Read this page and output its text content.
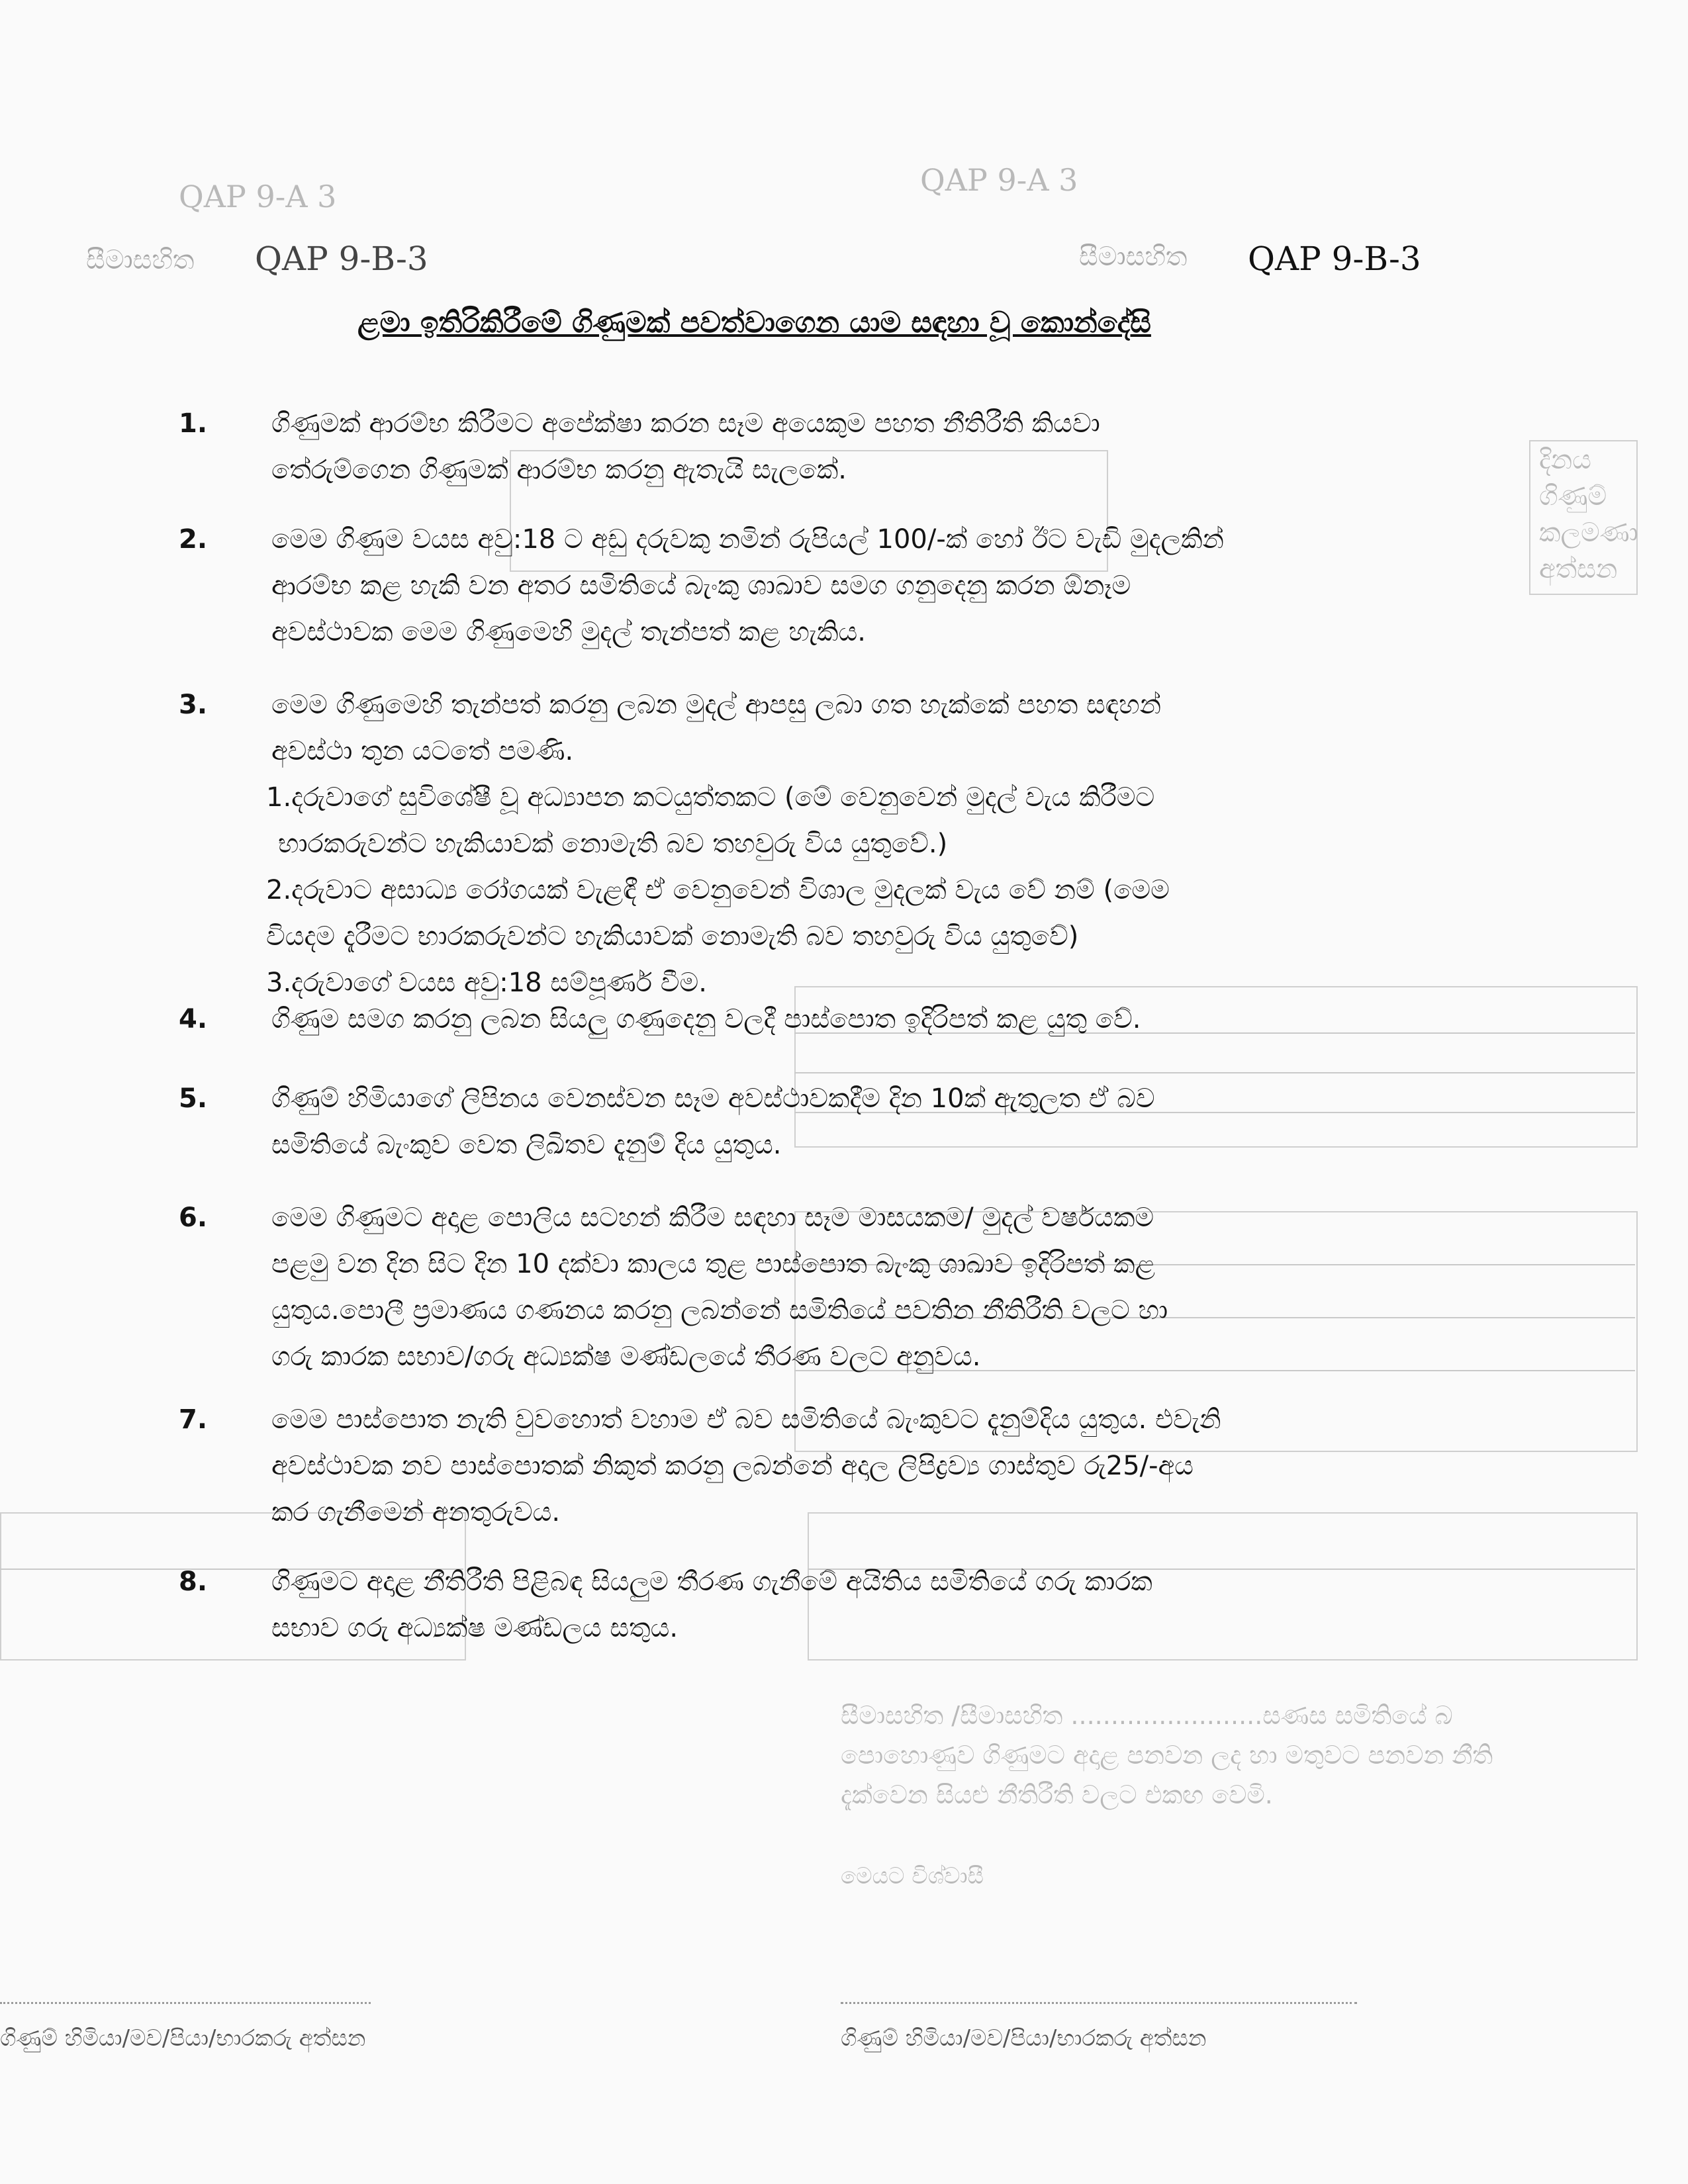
QAP 9-A 3	QAP 9-A 3
සීමාසහිත	සීමාසහිත
දිනය
ගිණුම්
කලමණා
අත්සන
සීමාසහිත /සීමාසහිත ........................සණස සමිතියේ බ
පොහොණුව ගිණුමට අදාළ පනවන ලද හා මතුවට පනවන නීති
දැක්වෙන සියළු නීතිරීති වලට එකඟ වෙමි.
මෙයට විශ්වාසී
QAP 9-B-3	QAP 9-B-3
ළමා ඉතිරිකිරීමේ ගිණුමක් පවත්වාගෙන යාම සඳහා වූ කොන්දේසි
1.	ගිණුමක් ආරම්භ කිරීමට අපේක්ෂා කරන සෑම අයෙකුම පහත නීතිරීති කියවා
තේරුම්ගෙන ගිණුමක් ආරම්භ කරනු ඇතැයි සැලකේ.
2.	මෙම ගිණුම වයස අවු:18 ට අඩු දරුවකු නමින් රුපියල් 100/-ක් හෝ ඊට වැඩි මුදලකින්
ආරම්භ කළ හැකි වන අතර සමිතියේ බැංකු ශාඛාව සමග ගනුදෙනු කරන ඕනෑම
අවස්ථාවක මෙම ගිණුමෙහි මුදල් තැන්පත් කළ හැකිය.
3.	මෙම ගිණුමෙහි තැන්පත් කරනු ලබන මුදල් ආපසු ලබා ගත හැක්කේ පහත සඳහන්
අවස්ථා තුන යටතේ පමණි.
1.දරුවාගේ සුවිශේෂී වූ අධ්‍යාපන කටයුත්තකට (මේ වෙනුවෙන් මුදල් වැය කිරීමට
භාරකරුවන්ට හැකියාවක් නොමැති බව තහවුරු විය යුතුවේ.)
2.දරුවාට අසාධ්‍ය රෝගයක් වැළඳී ඒ වෙනුවෙන් විශාල මුදලක් වැය වේ නම් (මෙම
වියදම දැරීමට භාරකරුවන්ට හැකියාවක් නොමැති බව තහවුරු විය යුතුවේ)
3.දරුවාගේ වයස අවු:18 සම්පූර්ණ වීම.
4.	ගිණුම සමග කරනු ලබන සියලු ගණුදෙනු වලදී පාස්පොත ඉදිරිපත් කළ යුතු වේ.
5.	ගිණුම් හිමියාගේ ලිපිනය වෙනස්වන සෑම අවස්ථාවකදීම දින 10ක් ඇතුලත ඒ බව
සමිතියේ බැංකුව වෙත ලිඛිතව දැනුම් දිය යුතුය.
6.	මෙම ගිණුමට අදාළ පොලිය සටහන් කිරීම සඳහා සෑම මාසයකම/ මුදල් වර්ෂයකම
පළමු වන දින සිට දින 10 දක්වා කාලය තුළ පාස්පොත බැංකු ශාඛාව ඉදිරිපත් කළ
යුතුය.පොලී ප්‍රමාණය ගණනය කරනු ලබන්නේ සමිතියේ පවතින නීතිරීති වලට හා
ගරු කාරක සභාව/ගරු අධ්‍යක්ෂ මණ්ඩලයේ තීරණ වලට අනුවය.
7.	මෙම පාස්පොත නැති වුවහොත් වහාම ඒ බව සමිතියේ බැංකුවට දැනුම්දිය යුතුය. එවැනි
අවස්ථාවක නව පාස්පොතක් නිකුත් කරනු ලබන්නේ අදාල ලිපිද්‍රව්‍ය ගාස්තුව රු25/-අය
කර ගැනීමෙන් අනතුරුවය.
8.	ගිණුමට අදාළ නීතිරීති පිළිබඳ සියලුම තීරණ ගැනීමේ අයිතිය සමිතියේ ගරු කාරක
සභාව ගරු අධ්‍යක්ෂ මණ්ඩලය සතුය.
ගිණුම් හිමියා/මව/පියා/භාරකරු අත්සන	ගිණුම් හිමියා/මව/පියා/භාරකරු අත්සන
